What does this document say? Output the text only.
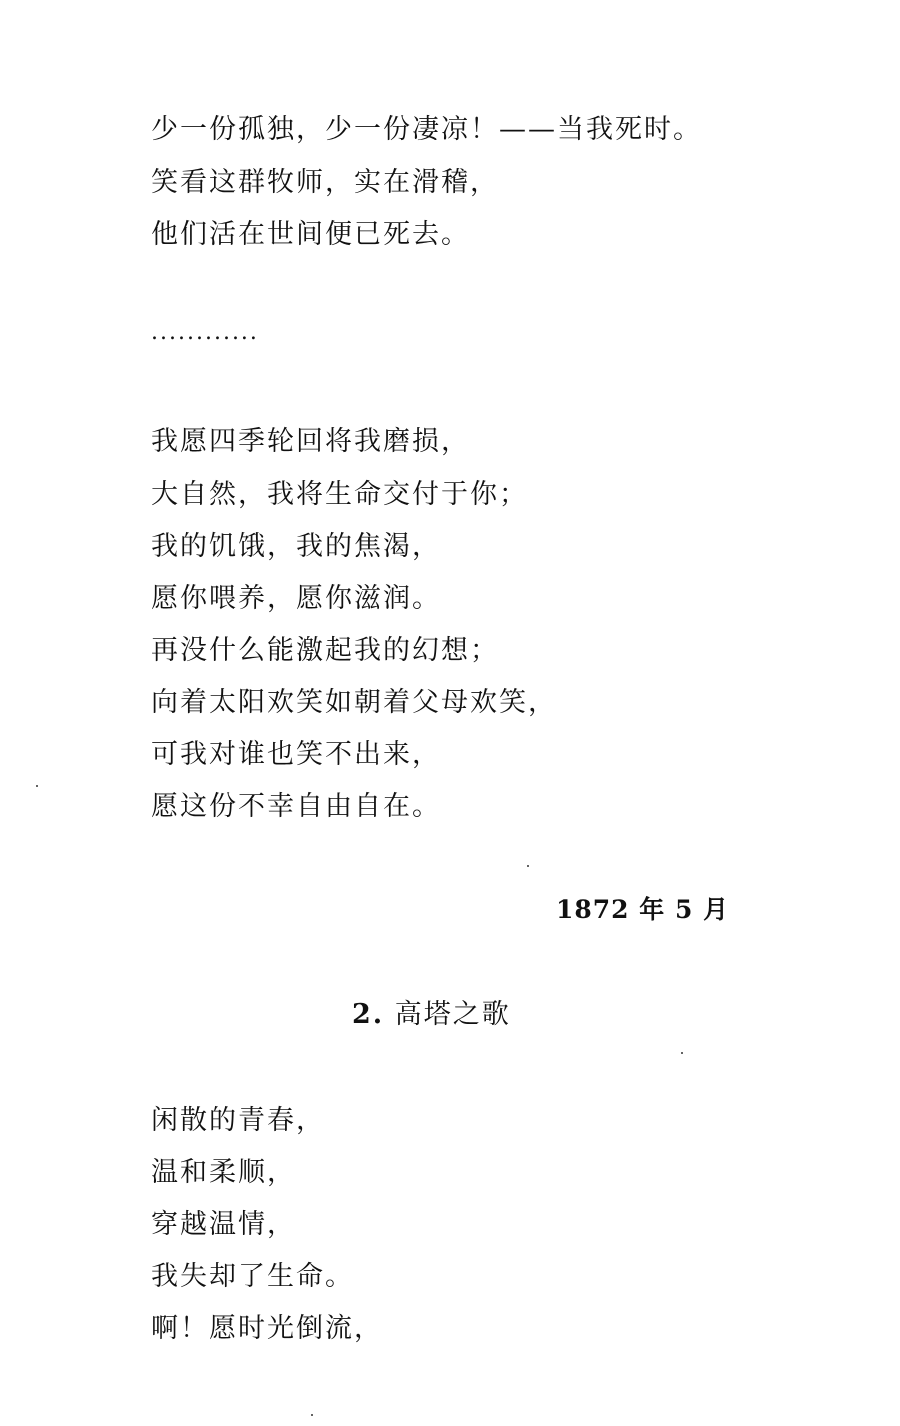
少一份孤独，少一份凄凉！——当我死时。
笑看这群牧师，实在滑稽，
他们活在世间便已死去。
............
我愿四季轮回将我磨损，
大自然，我将生命交付于你；
我的饥饿，我的焦渴，
愿你喂养，愿你滋润。
再没什么能激起我的幻想；
向着太阳欢笑如朝着父母欢笑，
可我对谁也笑不出来，
愿这份不幸自由自在。
1872 年 5 月
2. 高塔之歌
闲散的青春，
温和柔顺，
穿越温情，
我失却了生命。
啊！愿时光倒流，
